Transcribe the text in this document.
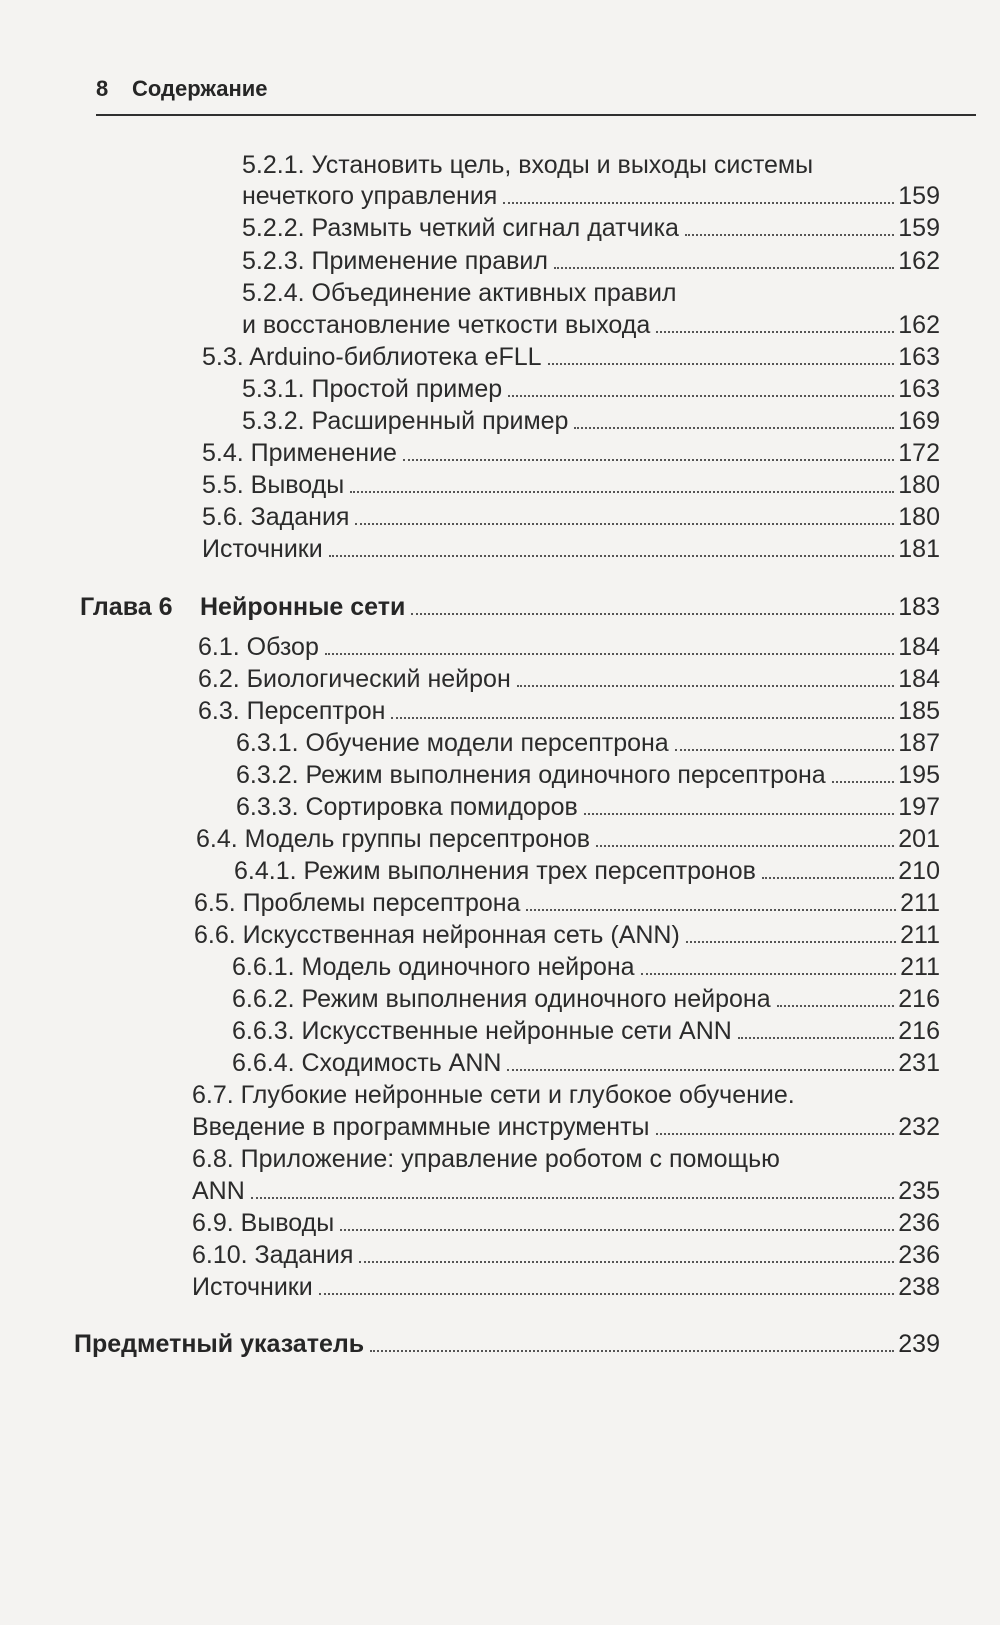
8 Содержание
5.2.1. Установить цель, входы и выходы системы
нечеткого управления	159
5.2.2. Размыть четкий сигнал датчика	159
5.2.3. Применение правил	162
5.2.4. Объединение активных правил
и восстановление четкости выхода	162
5.3. Arduino-библиотека eFLL	163
5.3.1. Простой пример	163
5.3.2. Расширенный пример	169
5.4. Применение	172
5.5. Выводы	180
5.6. Задания	180
Источники	181
Глава 6	Нейронные сети	183
6.1. Обзор	184
6.2. Биологический нейрон	184
6.3. Персептрон	185
6.3.1. Обучение модели персептрона	187
6.3.2. Режим выполнения одиночного персептрона	195
6.3.3. Сортировка помидоров	197
6.4. Модель группы персептронов	201
6.4.1. Режим выполнения трех персептронов	210
6.5. Проблемы персептрона	211
6.6. Искусственная нейронная сеть (ANN)	211
6.6.1. Модель одиночного нейрона	211
6.6.2. Режим выполнения одиночного нейрона	216
6.6.3. Искусственные нейронные сети ANN	216
6.6.4. Сходимость ANN	231
6.7. Глубокие нейронные сети и глубокое обучение.
Введение в программные инструменты	232
6.8. Приложение: управление роботом с помощью
ANN	235
6.9. Выводы	236
6.10. Задания	236
Источники	238
Предметный указатель	239
